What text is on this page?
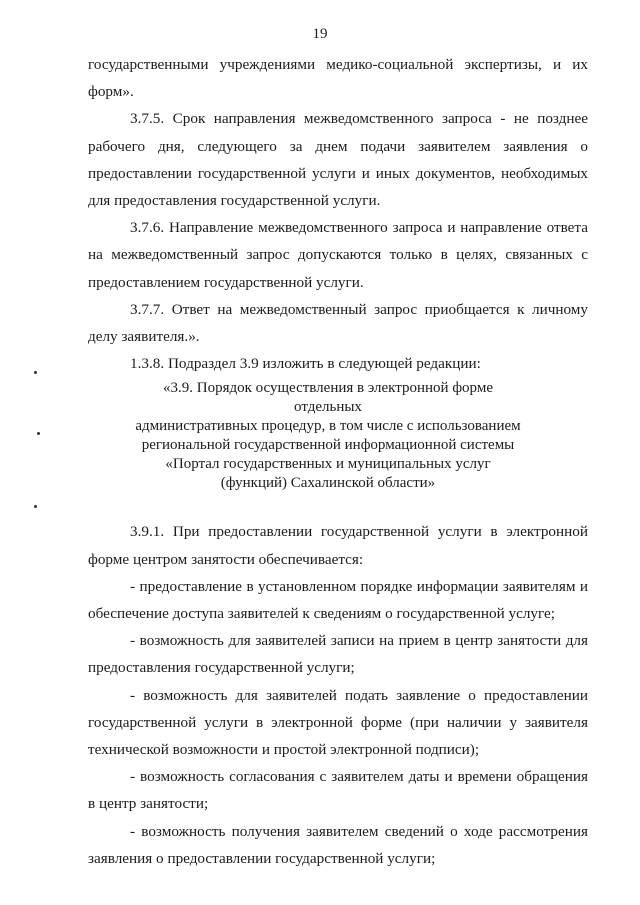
19

государственными учреждениями медико-социальной экспертизы, и их форм».

3.7.5. Срок направления межведомственного запроса - не позднее рабочего дня, следующего за днем подачи заявителем заявления о предоставлении государственной услуги и иных документов, необходимых для предоставления государственной услуги.

3.7.6. Направление межведомственного запроса и направление ответа на межведомственный запрос допускаются только в целях, связанных с предоставлением государственной услуги.

3.7.7. Ответ на межведомственный запрос приобщается к личному делу заявителя.».

1.3.8. Подраздел 3.9 изложить в следующей редакции:

«3.9. Порядок осуществления в электронной форме отдельных
административных процедур, в том числе с использованием
региональной государственной информационной системы
«Портал государственных и муниципальных услуг
(функций) Сахалинской области»

3.9.1. При предоставлении государственной услуги в электронной форме центром занятости обеспечивается:

- предоставление в установленном порядке информации заявителям и обеспечение доступа заявителей к сведениям о государственной услуге;

- возможность для заявителей записи на прием в центр занятости для предоставления государственной услуги;

- возможность для заявителей подать заявление о предоставлении государственной услуги в электронной форме (при наличии у заявителя технической возможности и простой электронной подписи);

- возможность согласования с заявителем даты и времени обращения в центр занятости;

- возможность получения заявителем сведений о ходе рассмотрения заявления о предоставлении государственной услуги;
